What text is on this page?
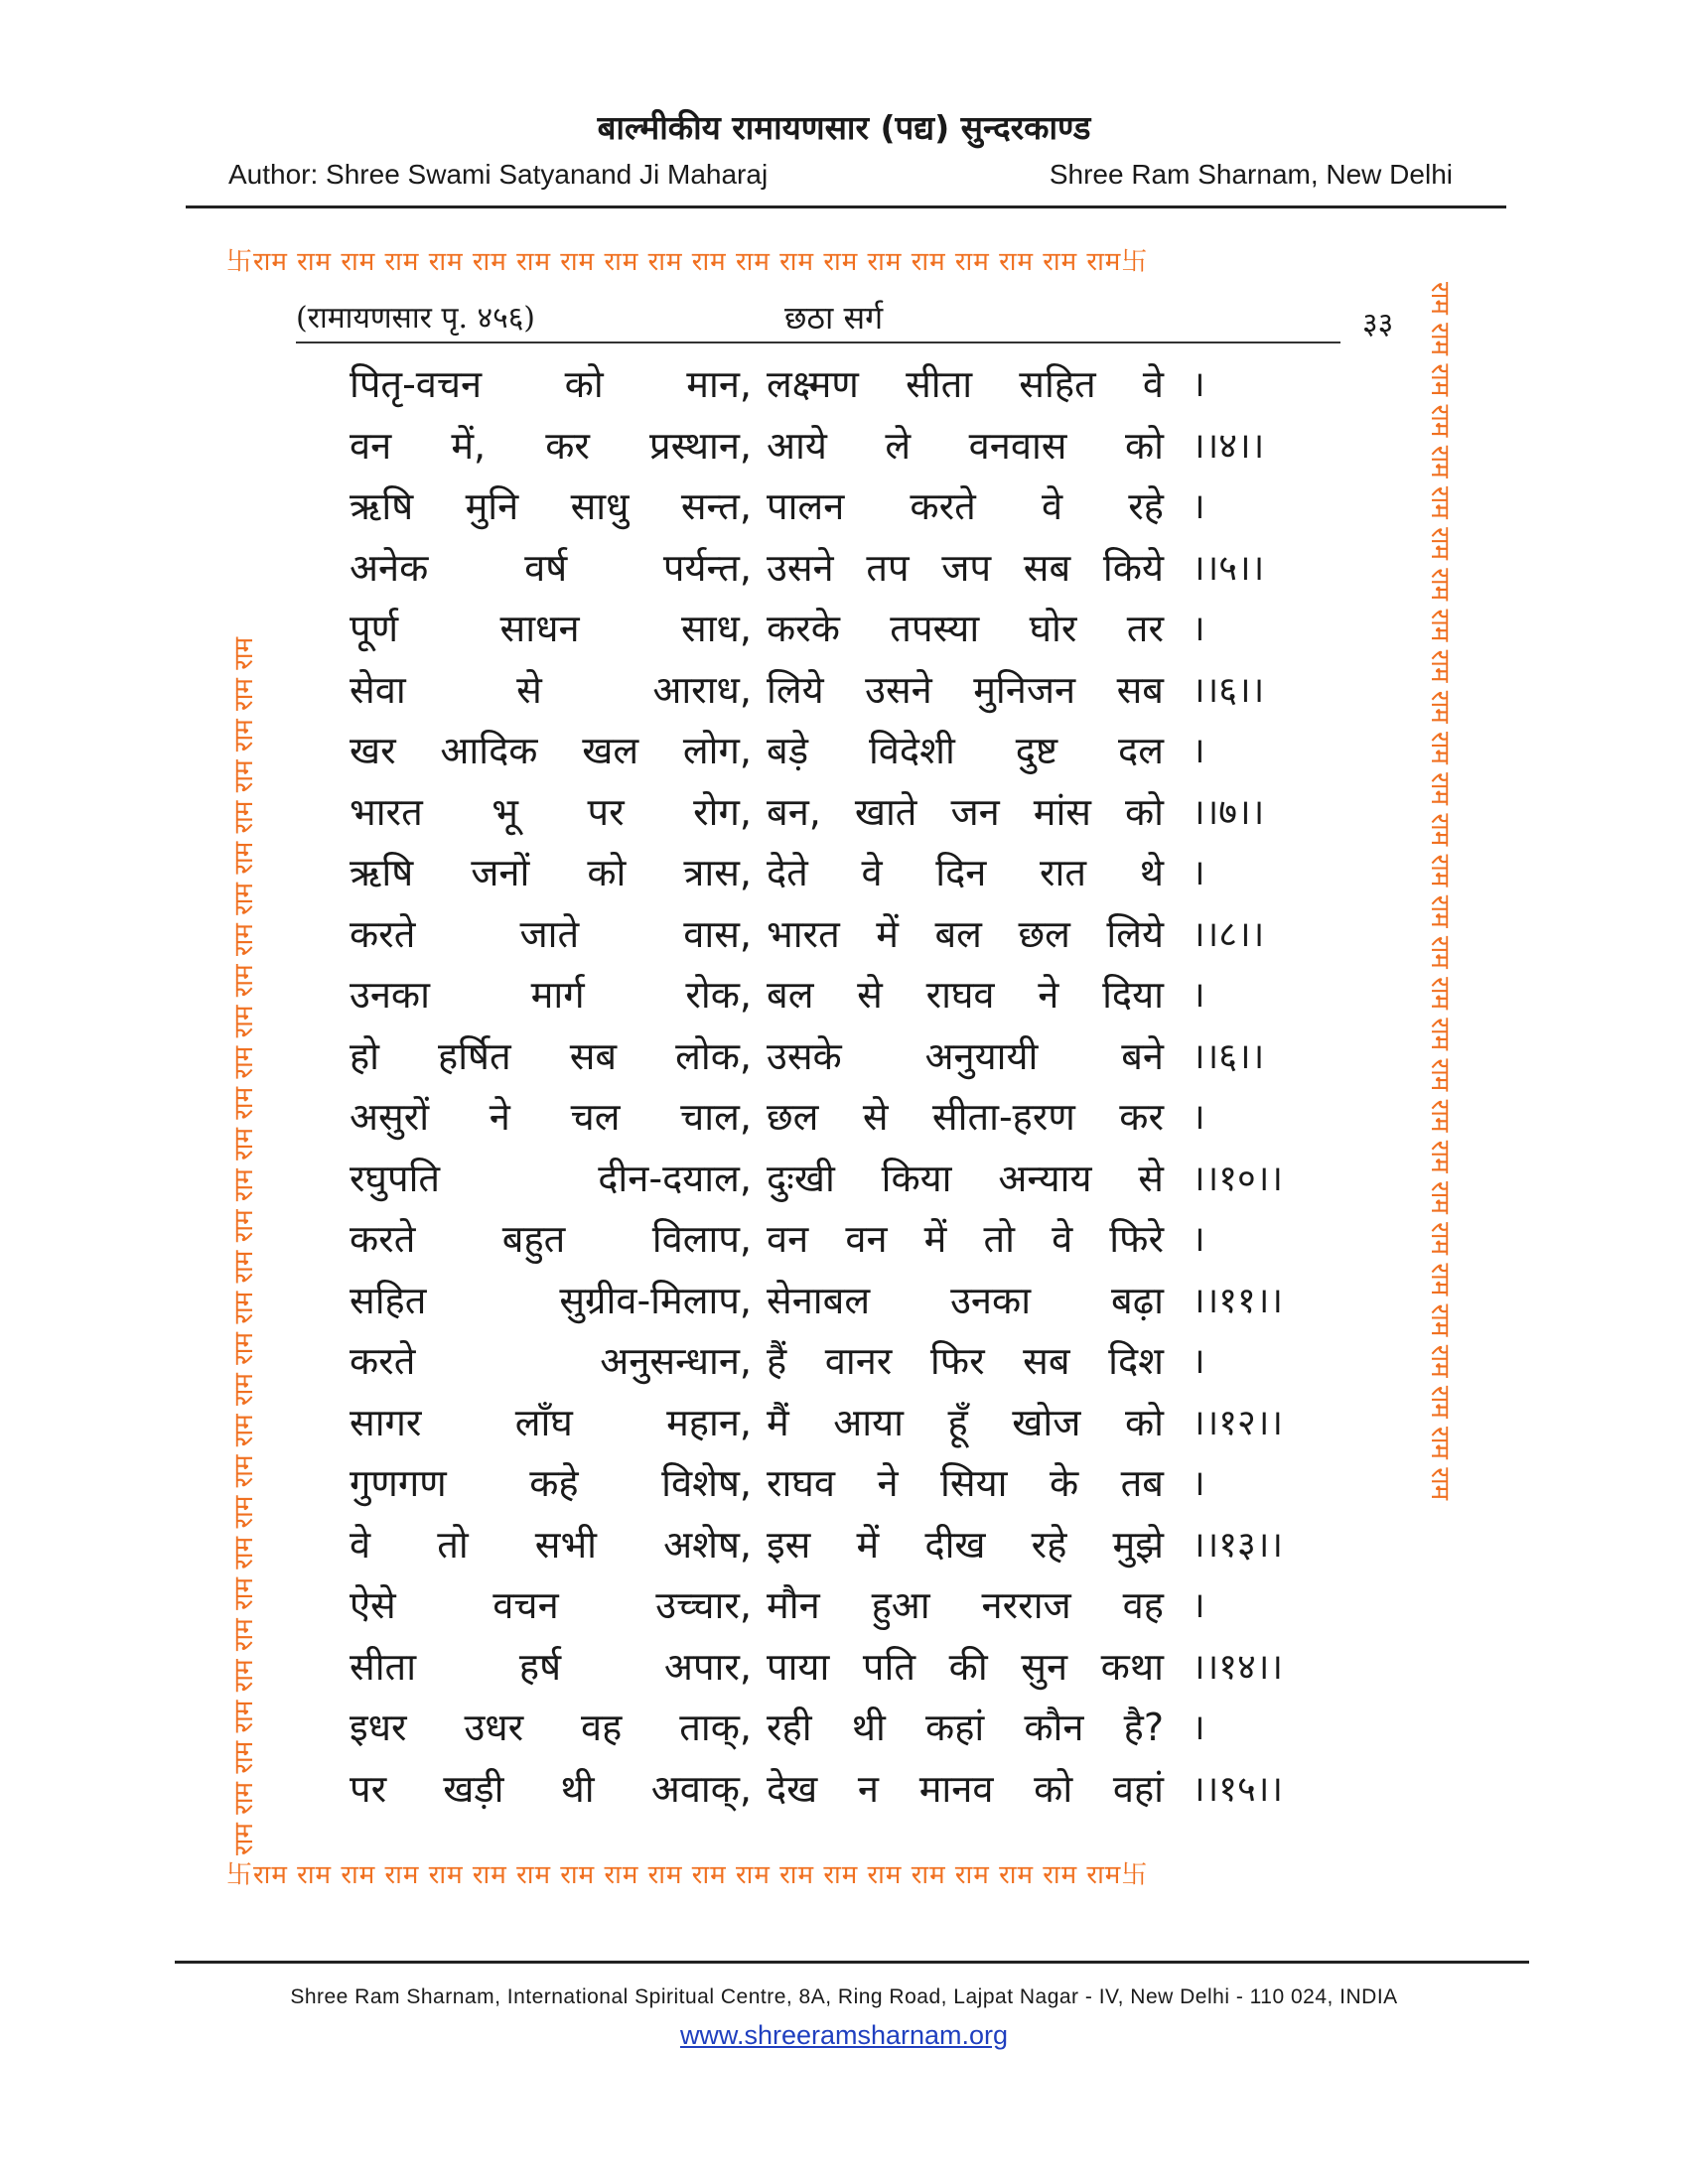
बाल्मीकीय रामायणसार (पद्य) सुन्दरकाण्ड
Author: Shree Swami Satyanand Ji Maharaj	Shree Ram Sharnam, New Delhi
卐राम राम राम राम राम राम राम राम राम राम राम राम राम राम राम राम राम राम राम राम卐
राम राम राम राम राम राम राम राम राम राम राम राम राम राम राम राम राम राम राम राम राम राम राम राम राम राम राम राम राम राम	राम राम राम राम राम राम राम राम राम राम राम राम राम राम राम राम राम राम राम राम राम राम राम राम राम राम राम राम राम राम
卐राम राम राम राम राम राम राम राम राम राम राम राम राम राम राम राम राम राम राम राम卐
(रामायणसार पृ. ४५६)	छठा सर्ग	३३
पितृ-वचन को मान, लक्ष्मण सीता सहित वे ।
वन में, कर प्रस्थान, आये ले वनवास को ।।४।।
ऋषि मुनि साधु सन्त, पालन करते वे रहे ।
अनेक वर्ष पर्यन्त, उसने तप जप सब किये ।।५।।
पूर्ण साधन साध, करके तपस्या घोर तर ।
सेवा से आराध, लिये उसने मुनिजन सब ।।६।।
खर आदिक खल लोग, बड़े विदेशी दुष्ट दल ।
भारत भू पर रोग, बन, खाते जन मांस को ।।७।।
ऋषि जनों को त्रास, देते वे दिन रात थे ।
करते जाते वास, भारत में बल छल लिये ।।८।।
उनका मार्ग रोक, बल से राघव ने दिया ।
हो हर्षित सब लोक, उसके अनुयायी बने ।।६।।
असुरों ने चल चाल, छल से सीता-हरण कर ।
रघुपति दीन-दयाल, दुःखी किया अन्याय से ।।१०।।
करते बहुत विलाप, वन वन में तो वे फिरे ।
सहित सुग्रीव-मिलाप, सेनाबल उनका बढ़ा ।।११।।
करते अनुसन्धान, हैं वानर फिर सब दिश ।
सागर लाँघ महान, मैं आया हूँ खोज को ।।१२।।
गुणगण कहे विशेष, राघव ने सिया के तब ।
वे तो सभी अशेष, इस में दीख रहे मुझे ।।१३।।
ऐसे वचन उच्चार, मौन हुआ नरराज वह ।
सीता हर्ष अपार, पाया पति की सुन कथा ।।१४।।
इधर उधर वह ताक्, रही थी कहां कौन है? ।
पर खड़ी थी अवाक्, देख न मानव को वहां ।।१५।।
Shree Ram Sharnam, International Spiritual Centre, 8A, Ring Road, Lajpat Nagar - IV, New Delhi - 110 024, INDIA
www.shreeramsharnam.org
